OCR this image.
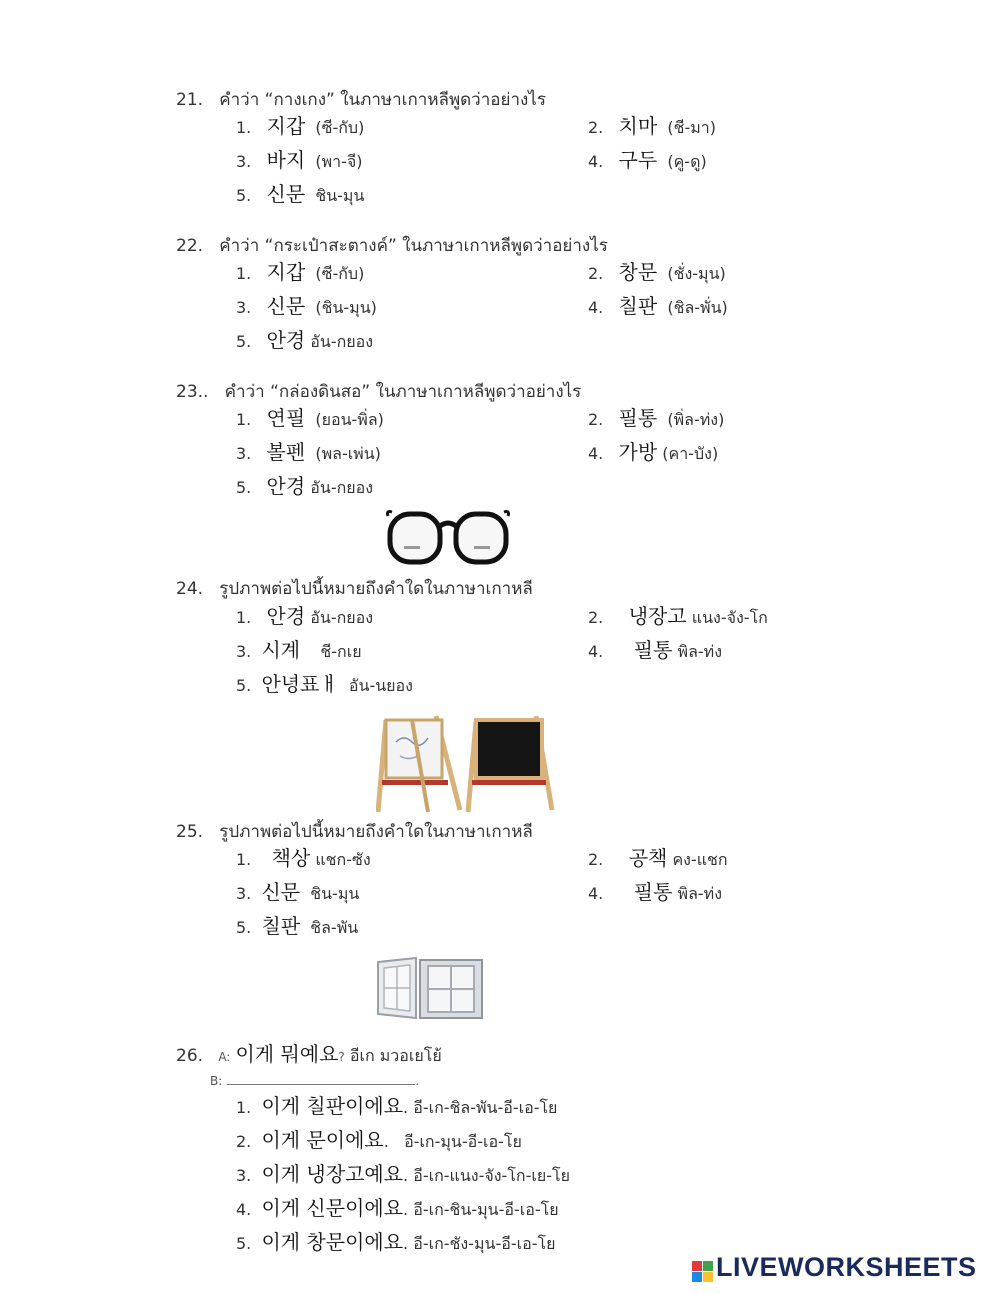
21. คำว่า “กางเกง” ในภาษาเกาหลีพูดว่าอย่างไร
1. 지갑 (ซี-กับ)	2. 치마 (ชี-มา)
3. 바지 (พา-จี)	4. 구두 (คู-ดู)
5. 신문 ชิน-มุน
22. คำว่า “กระเป๋าสะตางค์” ในภาษาเกาหลีพูดว่าอย่างไร
1. 지갑 (ซี-กับ)	2. 창문 (ชั่ง-มุน)
3. 신문 (ชิน-มุน)	4. 칠판 (ชิล-พั่น)
5. 안경 อัน-กยอง
23.. คำว่า “กล่องดินสอ” ในภาษาเกาหลีพูดว่าอย่างไร
1. 연필 (ยอน-พิ่ล)	2. 필통 (พิ่ล-ท่ง)
3. 볼펜 (พล-เพ่น)	4. 가방 (คา-บัง)
5. 안경 อัน-กยอง
24. รูปภาพต่อไปนี้หมายถึงคำใดในภาษาเกาหลี
1. 안경 อัน-กยอง	2. 냉장고 แนง-จัง-โก
3. 시계 ชี-กเย	4. 필통 พิล-ท่ง
5. 안녕표ㅐ อัน-นยอง
25. รูปภาพต่อไปนี้หมายถึงคำใดในภาษาเกาหลี
1. 책상 แชก-ซัง	2. 공책 คง-แชก
3. 신문 ชิน-มุน	4. 필통 พิล-ท่ง
5. 칠판 ชิล-พัน
26. A: 이게 뭐예요? อีเก มวอเยโย้
B:	.
1. 이게 칠판이에요. อี-เก-ชิล-พัน-อี-เอ-โย
2. 이게 문이에요.   อี-เก-มุน-อี-เอ-โย
3. 이게 냉장고예요. อี-เก-แนง-จัง-โก-เย-โย
4. 이게 신문이에요. อี-เก-ชิน-มุน-อี-เอ-โย
5. 이게 창문이에요. อี-เก-ชัง-มุน-อี-เอ-โย
LIVEWORKSHEETS
